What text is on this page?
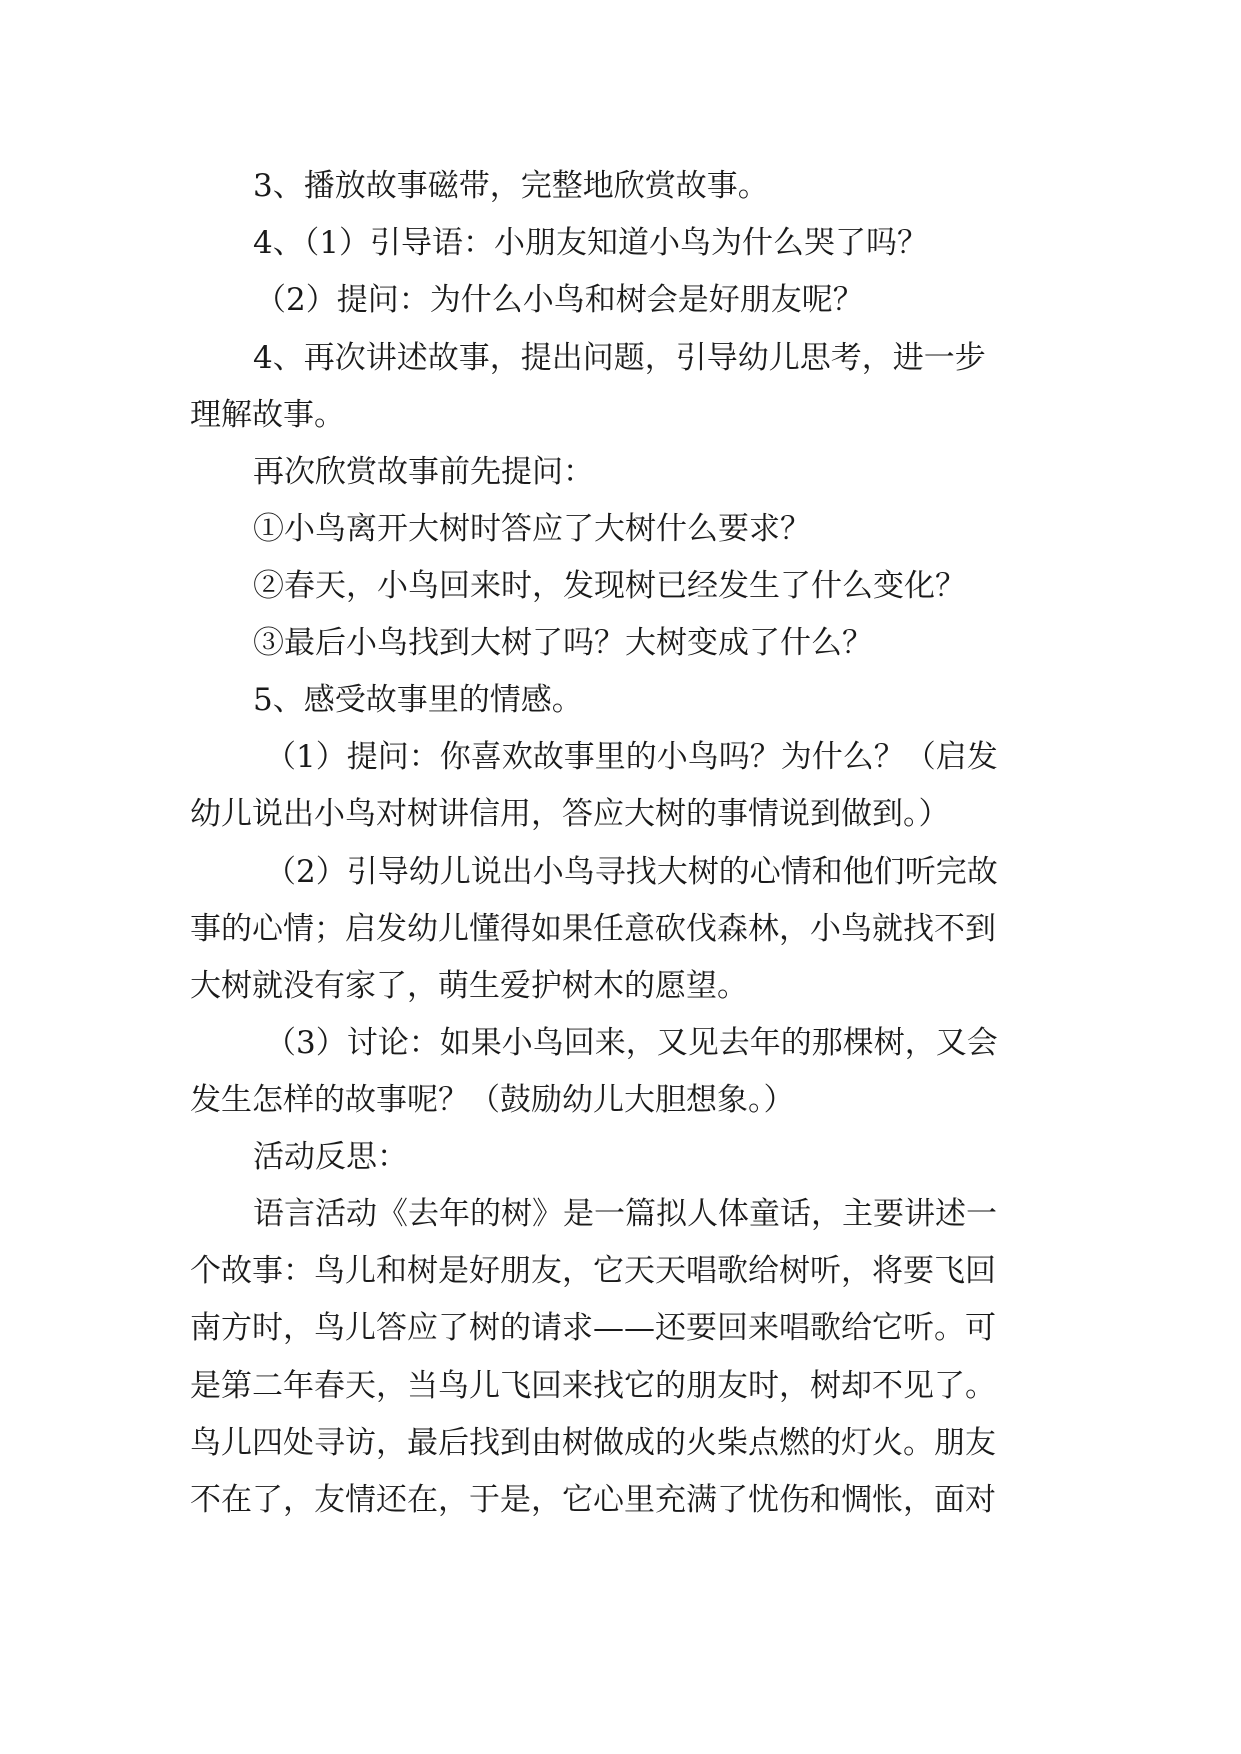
3、播放故事磁带，完整地欣赏故事。
4、（1）引导语：小朋友知道小鸟为什么哭了吗？
（2）提问：为什么小鸟和树会是好朋友呢？
4、再次讲述故事，提出问题，引导幼儿思考，进一步
理解故事。
再次欣赏故事前先提问：
①小鸟离开大树时答应了大树什么要求？
②春天，小鸟回来时，发现树已经发生了什么变化？
③最后小鸟找到大树了吗？大树变成了什么？
5、感受故事里的情感。
（1）提问：你喜欢故事里的小鸟吗？为什么？（启发
幼儿说出小鸟对树讲信用，答应大树的事情说到做到。）
（2）引导幼儿说出小鸟寻找大树的心情和他们听完故
事的心情；启发幼儿懂得如果任意砍伐森林，小鸟就找不到
大树就没有家了，萌生爱护树木的愿望。
（3）讨论：如果小鸟回来，又见去年的那棵树，又会
发生怎样的故事呢？（鼓励幼儿大胆想象。）
活动反思：
语言活动《去年的树》是一篇拟人体童话，主要讲述一
个故事：鸟儿和树是好朋友，它天天唱歌给树听，将要飞回
南方时，鸟儿答应了树的请求——还要回来唱歌给它听。可
是第二年春天，当鸟儿飞回来找它的朋友时，树却不见了。
鸟儿四处寻访，最后找到由树做成的火柴点燃的灯火。朋友
不在了，友情还在，于是，它心里充满了忧伤和惆怅，面对
